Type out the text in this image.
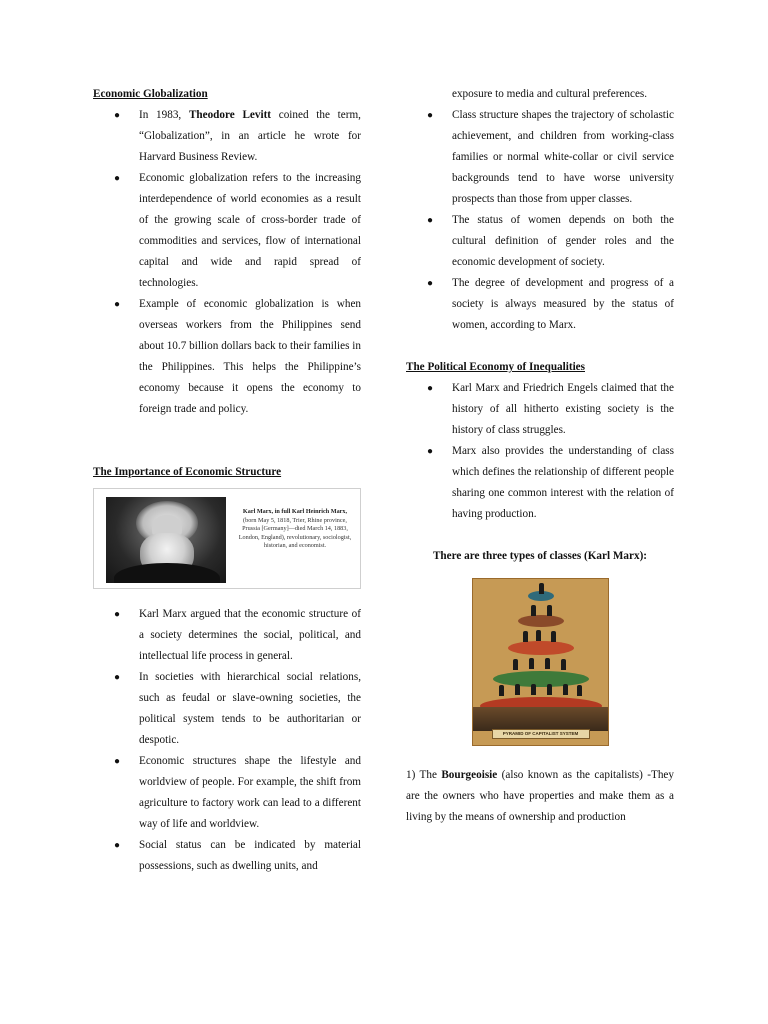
Economic Globalization

● In 1983, Theodore Levitt coined the term, “Globalization”, in an article he wrote for Harvard Business Review.
● Economic globalization refers to the increasing interdependence of world economies as a result of the growing scale of cross-border trade of commodities and services, flow of international capital and wide and rapid spread of technologies.
● Example of economic globalization is when overseas workers from the Philippines send about 10.7 billion dollars back to their families in the Philippines. This helps the Philippine’s economy because it opens the economy to foreign trade and policy.

The Importance of Economic Structure

Karl Marx, in full Karl Heinrich Marx, (born May 5, 1818, Trier, Rhine province, Prussia [Germany]—died March 14, 1883, London, England), revolutionary, sociologist, historian, and economist.
● Karl Marx argued that the economic structure of a society determines the social, political, and intellectual life process in general.
● In societies with hierarchical social relations, such as feudal or slave-owning societies, the political system tends to be authoritarian or despotic.
● Economic structures shape the lifestyle and worldview of people. For example, the shift from agriculture to factory work can lead to a different way of life and worldview.
● Social status can be indicated by material possessions, such as dwelling units, and

exposure to media and cultural preferences.

● Class structure shapes the trajectory of scholastic achievement, and children from working-class families or normal white-collar or civil service backgrounds tend to have worse university prospects than those from upper classes.
● The status of women depends on both the cultural definition of gender roles and the economic development of society.
● The degree of development and progress of a society is always measured by the status of women, according to Marx.

The Political Economy of Inequalities

● Karl Marx and Friedrich Engels claimed that the history of all hitherto existing society is the history of class struggles.
● Marx also provides the understanding of class which defines the relationship of different people sharing one common interest with the relation of having production.

There are three types of classes (Karl Marx):

PYRAMID OF CAPITALIST SYSTEM

1) The Bourgeoisie (also known as the capitalists) -They are the owners who have properties and make them as a living by the means of ownership and production
